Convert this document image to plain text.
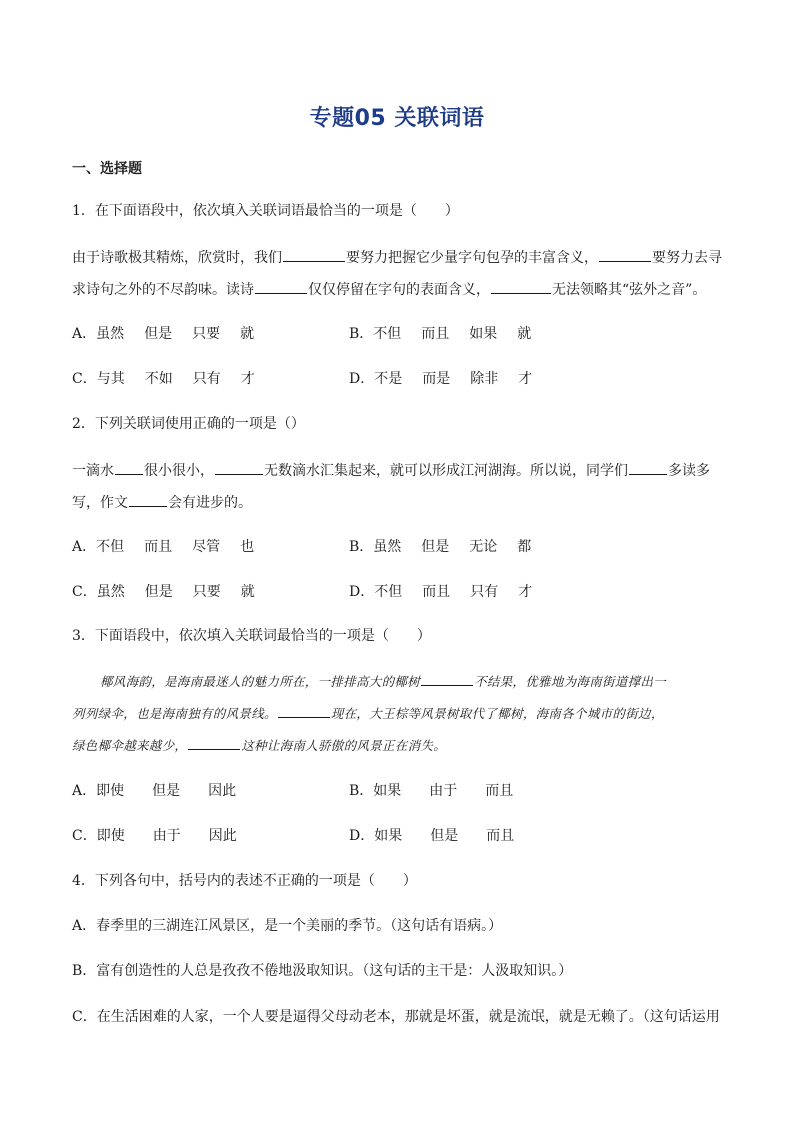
专题05 关联词语
一、选择题
1．在下面语段中，依次填入关联词语最恰当的一项是（　　）
由于诗歌极其精炼，欣赏时，我们	要努力把握它少量字句包孕的丰富含义，	要努力去寻
求诗句之外的不尽韵味。读诗	仅仅停留在字句的表面含义，	无法领略其“弦外之音”。
A．虽然 但是 只要 就	B．不但 而且 如果 就
C．与其 不如 只有 才	D．不是 而是 除非 才
2．下列关联词使用正确的一项是（）
一滴水 很小很小，	无数滴水汇集起来，就可以形成江河湖海。所以说，同学们	多读多
写，作文	会有进步的。
A．不但 而且 尽管 也	B．虽然 但是 无论 都
C．虽然 但是 只要 就	D．不但 而且 只有 才
3．下面语段中，依次填入关联词最恰当的一项是（　　）
椰风海韵，是海南最迷人的魅力所在，一排排高大的椰树	不结果，优雅地为海南街道撑出一
列列绿伞，也是海南独有的风景线。	现在，大王棕等风景树取代了椰树，海南各个城市的街边，
绿色椰伞越来越少，	这种让海南人骄傲的风景正在消失。
A．即使 但是 因此	B．如果 由于 而且
C．即使 由于 因此	D．如果 但是 而且
4．下列各句中，括号内的表述不正确的一项是（　　）
A．春季里的三湖连江风景区，是一个美丽的季节。（这句话有语病。）
B．富有创造性的人总是孜孜不倦地汲取知识。（这句话的主干是：人汲取知识。）
C．在生活困难的人家，一个人要是逼得父母动老本，那就是坏蛋，就是流氓，就是无赖了。（这句话运用
